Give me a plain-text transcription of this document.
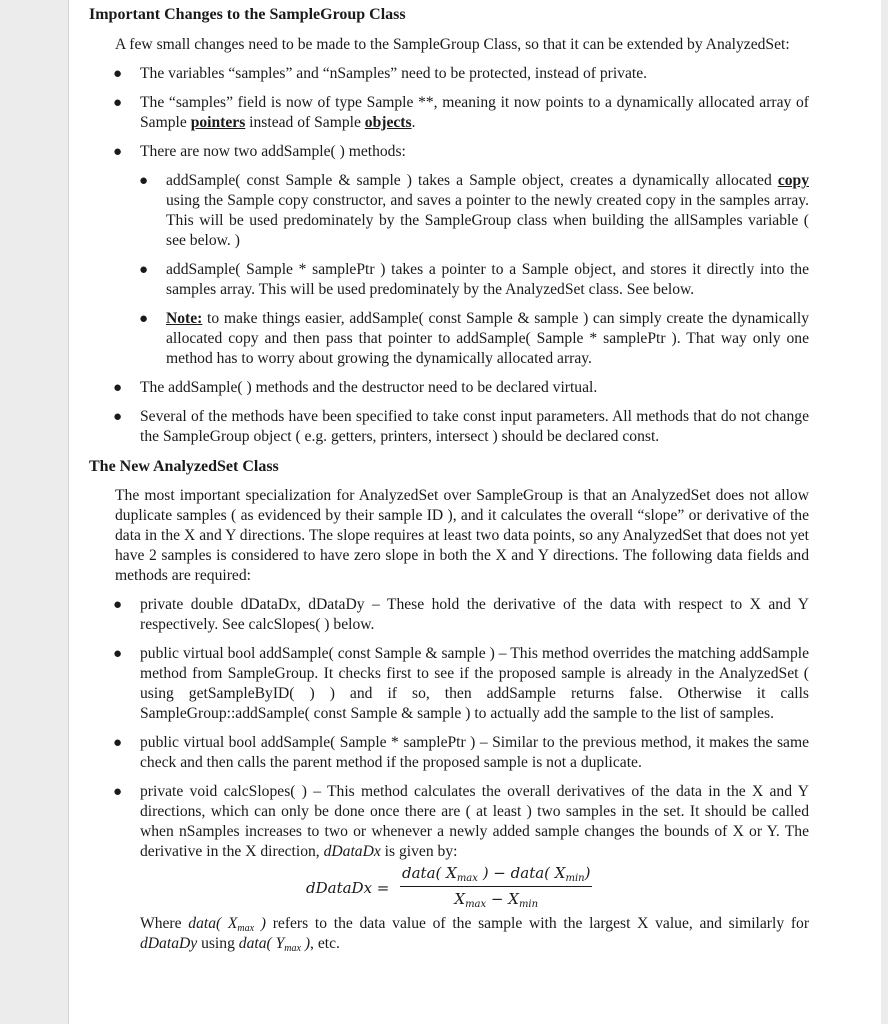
Important Changes to the SampleGroup Class

A few small changes need to be made to the SampleGroup Class, so that it can be extended by AnalyzedSet:

● The variables “samples” and “nSamples” need to be protected, instead of private.
● The “samples” field is now of type Sample **, meaning it now points to a dynamically allocated array of Sample pointers instead of Sample objects.
● There are now two addSample( ) methods:
● addSample( const Sample & sample ) takes a Sample object, creates a dynamically allocated copy using the Sample copy constructor, and saves a pointer to the newly created copy in the samples array. This will be used predominately by the SampleGroup class when building the allSamples variable ( see below. )
● addSample( Sample * samplePtr ) takes a pointer to a Sample object, and stores it directly into the samples array. This will be used predominately by the AnalyzedSet class. See below.
● Note: to make things easier, addSample( const Sample & sample ) can simply create the dynamically allocated copy and then pass that pointer to addSample( Sample * samplePtr ). That way only one method has to worry about growing the dynamically allocated array.
● The addSample( ) methods and the destructor need to be declared virtual.
● Several of the methods have been specified to take const input parameters. All methods that do not change the SampleGroup object ( e.g. getters, printers, intersect ) should be declared const.
The New AnalyzedSet Class

The most important specialization for AnalyzedSet over SampleGroup is that an AnalyzedSet does not allow duplicate samples ( as evidenced by their sample ID ), and it calculates the overall “slope” or derivative of the data in the X and Y directions. The slope requires at least two data points, so any AnalyzedSet that does not yet have 2 samples is considered to have zero slope in both the X and Y directions. The following data fields and methods are required:

● private double dDataDx, dDataDy – These hold the derivative of the data with respect to X and Y respectively. See calcSlopes( ) below.
● public virtual bool addSample( const Sample & sample ) – This method overrides the matching addSample method from SampleGroup. It checks first to see if the proposed sample is already in the AnalyzedSet ( using getSampleByID( ) ) and if so, then addSample returns false. Otherwise it calls SampleGroup::addSample( const Sample & sample ) to actually add the sample to the list of samples.
● public virtual bool addSample( Sample * samplePtr ) – Similar to the previous method, it makes the same check and then calls the parent method if the proposed sample is not a duplicate.
● private void calcSlopes( ) – This method calculates the overall derivatives of the data in the X and Y directions, which can only be done once there are ( at least ) two samples in the set. It should be called when nSamples increases to two or whenever a newly added sample changes the bounds of X or Y. The derivative in the X direction, dDataDx is given by:
dDataDx =
data( $X_{max}$ ) − data( $X_{min}$)
$X_{max} - X_{min}$

Where data( $X_{max}$ ) refers to the data value of the sample with the largest X value, and similarly for dDataDy using data( $Y_{max}$ ), etc.
